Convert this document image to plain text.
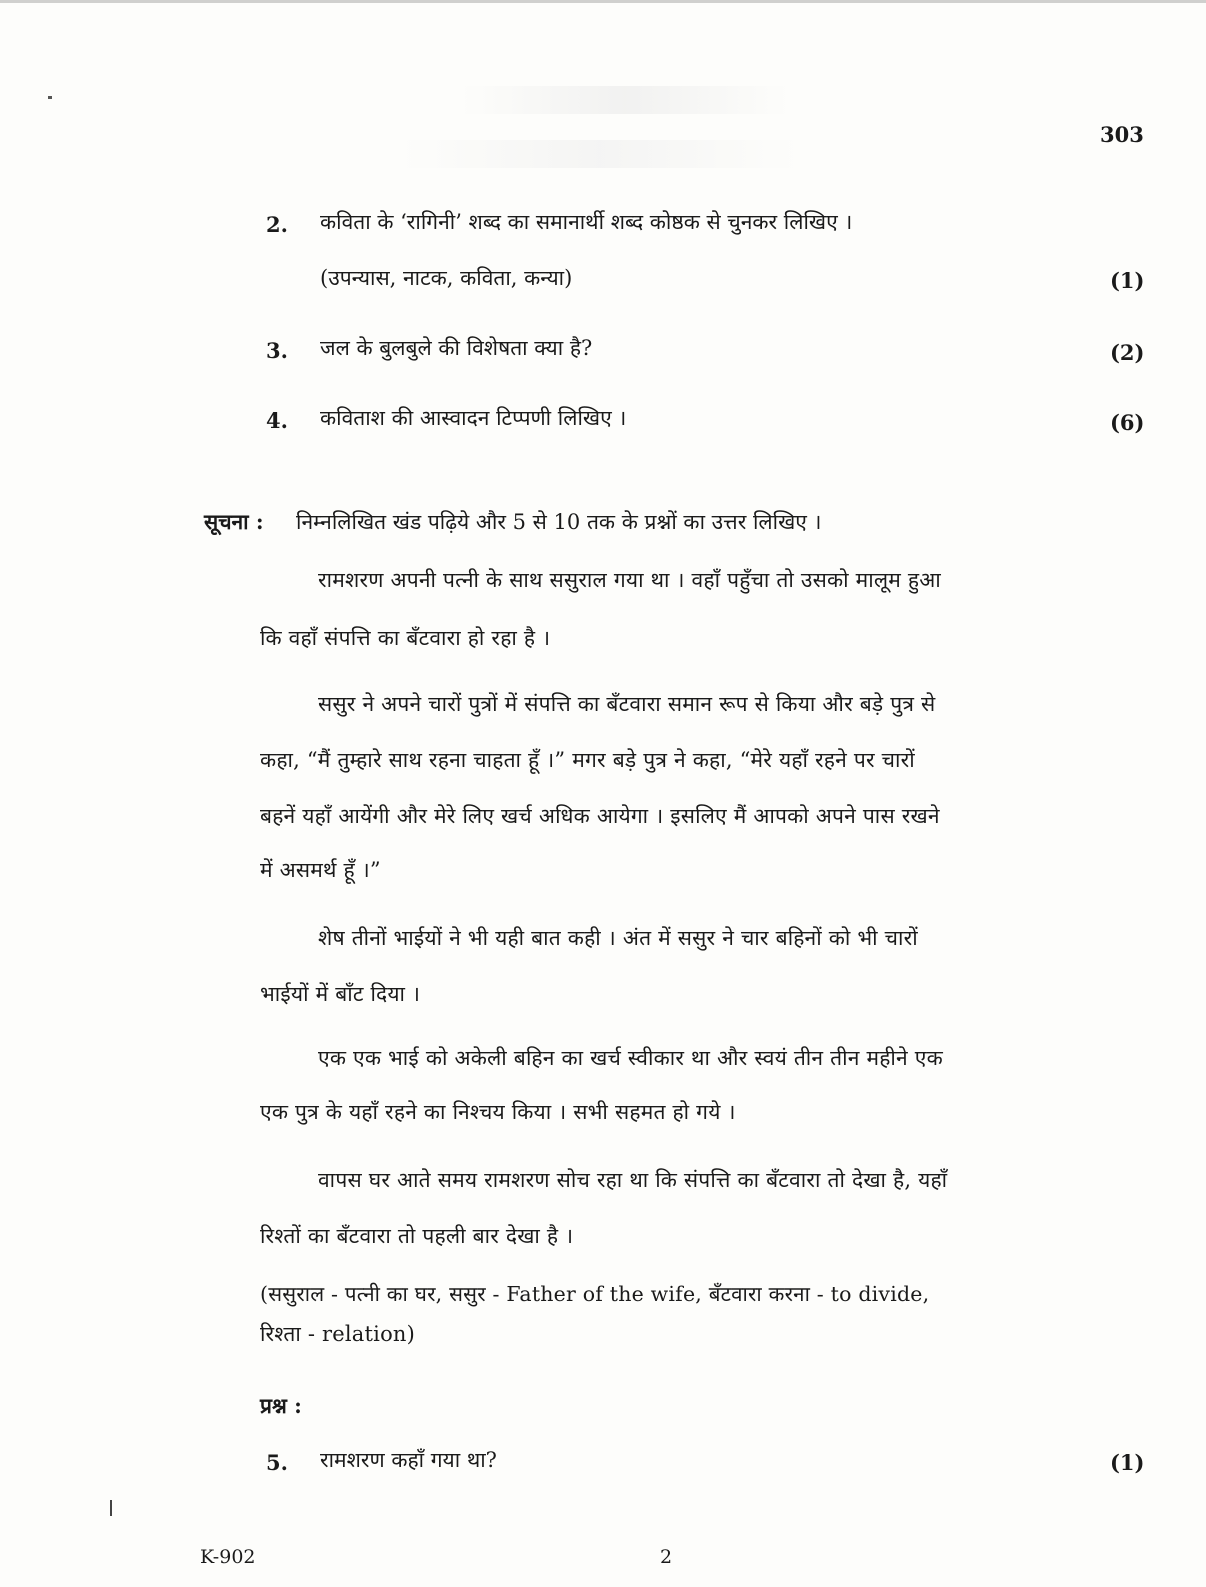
303
2. कविता के ‘रागिनी’ शब्द का समानार्थी शब्द कोष्ठक से चुनकर लिखिए ।
(उपन्यास, नाटक, कविता, कन्या)	(1)
3. जल के बुलबुले की विशेषता क्या है?	(2)
4. कविताश की आस्वादन टिप्पणी लिखिए ।	(6)
सूचना : निम्नलिखित खंड पढ़िये और 5 से 10 तक के प्रश्नों का उत्तर लिखिए ।
रामशरण अपनी पत्नी के साथ ससुराल गया था । वहाँ पहुँचा तो उसको मालूम हुआ
कि वहाँ संपत्ति का बँटवारा हो रहा है ।
ससुर ने अपने चारों पुत्रों में संपत्ति का बँटवारा समान रूप से किया और बड़े पुत्र से
कहा, “मैं तुम्हारे साथ रहना चाहता हूँ ।” मगर बड़े पुत्र ने कहा, “मेरे यहाँ रहने पर चारों
बहनें यहाँ आयेंगी और मेरे लिए खर्च अधिक आयेगा । इसलिए मैं आपको अपने पास रखने
में असमर्थ हूँ ।”
शेष तीनों भाईयों ने भी यही बात कही । अंत में ससुर ने चार बहिनों को भी चारों
भाईयों में बाँट दिया ।
एक एक भाई को अकेली बहिन का खर्च स्वीकार था और स्वयं तीन तीन महीने एक
एक पुत्र के यहाँ रहने का निश्चय किया । सभी सहमत हो गये ।
वापस घर आते समय रामशरण सोच रहा था कि संपत्ति का बँटवारा तो देखा है, यहाँ
रिश्तों का बँटवारा तो पहली बार देखा है ।
(ससुराल - पत्नी का घर, ससुर - Father of the wife, बँटवारा करना - to divide,
रिश्ता - relation)
प्रश्न :
5. रामशरण कहाँ गया था?	(1)
K-902	2
